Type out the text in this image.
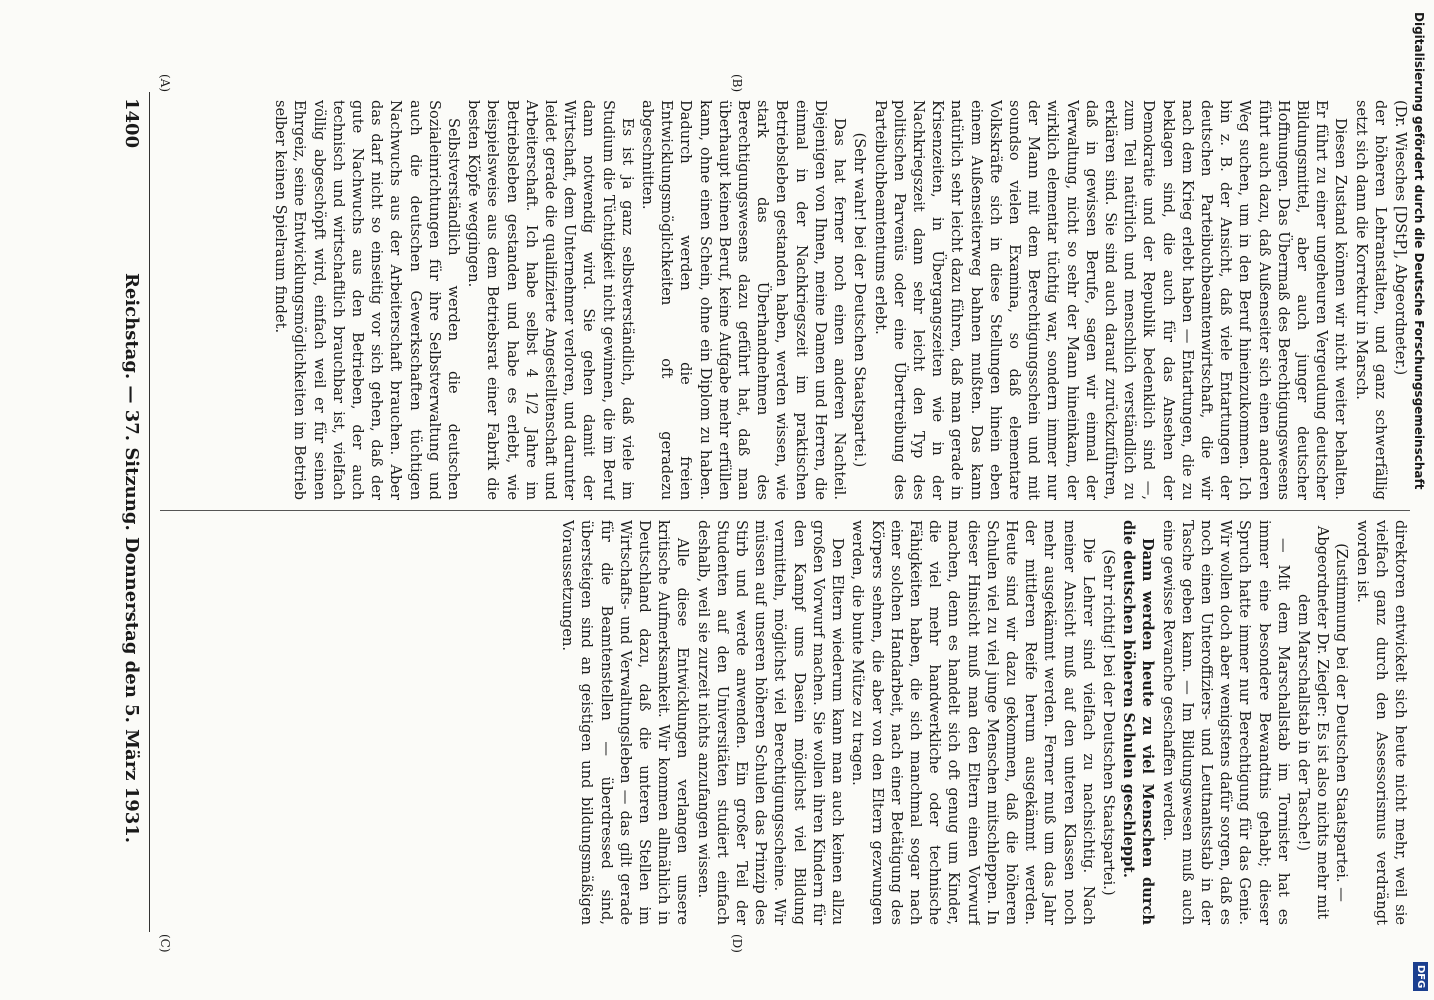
(Dr. Wiesches [DStP], Abgeordneter.)

der höheren Lehranstalten, und ganz schwerfällig setzt sich dann die Korrektur in Marsch.

Diesen Zustand können wir nicht weiter behalten. Er führt zu einer ungeheuren Vergeudung deutscher Bildungsmittel, aber auch junger deutscher Hoffnungen. Das Übermaß des Berechtigungswesens führt auch dazu, daß Außenseiter sich einen anderen Weg suchen, um in den Beruf hineinzukommen. Ich bin z. B. der Ansicht, daß viele Entartungen der deutschen Parteibuchbeamtenwirtschaft, die wir nach dem Krieg erlebt haben — Entartungen, die zu beklagen sind, die auch für das Ansehen der Demokratie und der Republik bedenklich sind —, zum Teil natürlich und menschlich verständlich zu erklären sind. Sie sind auch darauf zurückzuführen, daß in gewissen Berufe, sagen wir einmal der Verwaltung, nicht so sehr der Mann hineinkam, der wirklich elementar tüchtig war, sondern immer nur der Mann mit dem Berechtigungsschein und mit soundso vielen Examina, so daß elementare Volkskräfte sich in diese Stellungen hinein eben einem Außenseiterweg bahnen mußten. Das kann natürlich sehr leicht dazu führen, daß man gerade in Krisenzeiten, in Übergangszeiten wie in der Nachkriegszeit dann sehr leicht den Typ des politischen Parvenüs oder eine Übertreibung des Parteibuchbeamtentums erlebt.

(Sehr wahr! bei der Deutschen Staatspartei.)

Das hat ferner noch einen anderen Nachteil. Diejenigen von Ihnen, meine Damen und Herren, die einmal in der Nachkriegszeit im praktischen Betriebsleben gestanden haben, werden wissen, wie stark das Überhandnehmen des Berechtigungswesens dazu geführt hat, daß man überhaupt keinen Beruf, keine Aufgabe mehr erfüllen kann, ohne einen Schein, ohne ein Diplom zu haben. Dadurch werden die freien Entwicklungsmöglichkeiten oft geradezu abgeschnitten.

Es ist ja ganz selbstverständlich, daß viele im Studium die Tüchtigkeit nicht gewinnen, die im Beruf dann notwendig wird. Sie gehen damit der Wirtschaft, dem Unternehmer verloren, und darunter leidet gerade die qualifizierte Angestelltenschaft und Arbeiterschaft. Ich habe selbst 4 1/2 Jahre im Betriebsleben gestanden und habe es erlebt, wie beispielsweise aus dem Betriebsrat einer Fabrik die besten Köpfe weggingen.

Selbstverständlich werden die deutschen Sozialeinrichtungen für ihre Selbstverwaltung und auch die deutschen Gewerkschaften tüchtigen Nachwuchs aus der Arbeiterschaft brauchen. Aber das darf nicht so einseitig vor sich gehen, daß der gute Nachwuchs aus den Betrieben, der auch technisch und wirtschaftlich brauchbar ist, vielfach völlig abgeschöpft wird, einfach weil er für seinen Ehrgeiz, seine Entwicklungsmöglichkeiten im Betrieb selber keinen Spielraum findet.

direktoren entwickelt sich heute nicht mehr, weil sie vielfach ganz durch den Assessorismus verdrängt worden ist.

(Zustimmung bei der Deutschen Staatspartei. — Abgeordneter Dr. Ziegler: Es ist also nichts mehr mit dem Marschallstab in der Tasche!)

— Mit dem Marschallstab im Tornister hat es immer eine besondere Bewandtnis gehabt; dieser Spruch hatte immer nur Berechtigung für das Genie. Wir wollen doch aber wenigstens dafür sorgen, daß es noch einen Unteroffiziers- und Leutnantsstab in der Tasche geben kann. — Im Bildungswesen muß auch eine gewisse Revanche geschaffen werden.

Dann werden heute zu viel Menschen durch die deutschen höheren Schulen geschleppt.

(Sehr richtig! bei der Deutschen Staatspartei.)

Die Lehrer sind vielfach zu nachsichtig. Nach meiner Ansicht muß auf den unteren Klassen noch mehr ausgekämmt werden. Ferner muß um das Jahr der mittleren Reife herum ausgekämmt werden. Heute sind wir dazu gekommen, daß die höheren Schulen viel zu viel junge Menschen mitschleppen. In dieser Hinsicht muß man den Eltern einen Vorwurf machen, denn es handelt sich oft genug um Kinder, die viel mehr handwerkliche oder technische Fähigkeiten haben, die sich manchmal sogar nach einer solchen Handarbeit, nach einer Betätigung des Körpers sehnen, die aber von den Eltern gezwungen werden, die bunte Mütze zu tragen.

Den Eltern wiederum kann man auch keinen allzu großen Vorwurf machen. Sie wollen ihren Kindern für den Kampf ums Dasein möglichst viel Bildung vermitteln, möglichst viel Berechtigungsscheine. Wir müssen auf unseren höheren Schulen das Prinzip des Stirb und werde anwenden. Ein großer Teil der Studenten auf den Universitäten studiert einfach deshalb, weil sie zurzeit nichts anzufangen wissen.

Alle diese Entwicklungen verlangen unsere kritische Aufmerksamkeit. Wir kommen allmählich in Deutschland dazu, daß die unteren Stellen im Wirtschafts- und Verwaltungsleben — das gilt gerade für die Beamtenstellen — überdressed sind, übersteigen sind an geistigen und bildungsmäßigen Voraussetzungen.

1400
Reichstag. — 37. Sitzung. Donnerstag den 5. März 1931.
(A)	(B)
(C)	(D)
Digitalisierung gefördert durch die Deutsche Forschungsgemeinschaft
DFG
